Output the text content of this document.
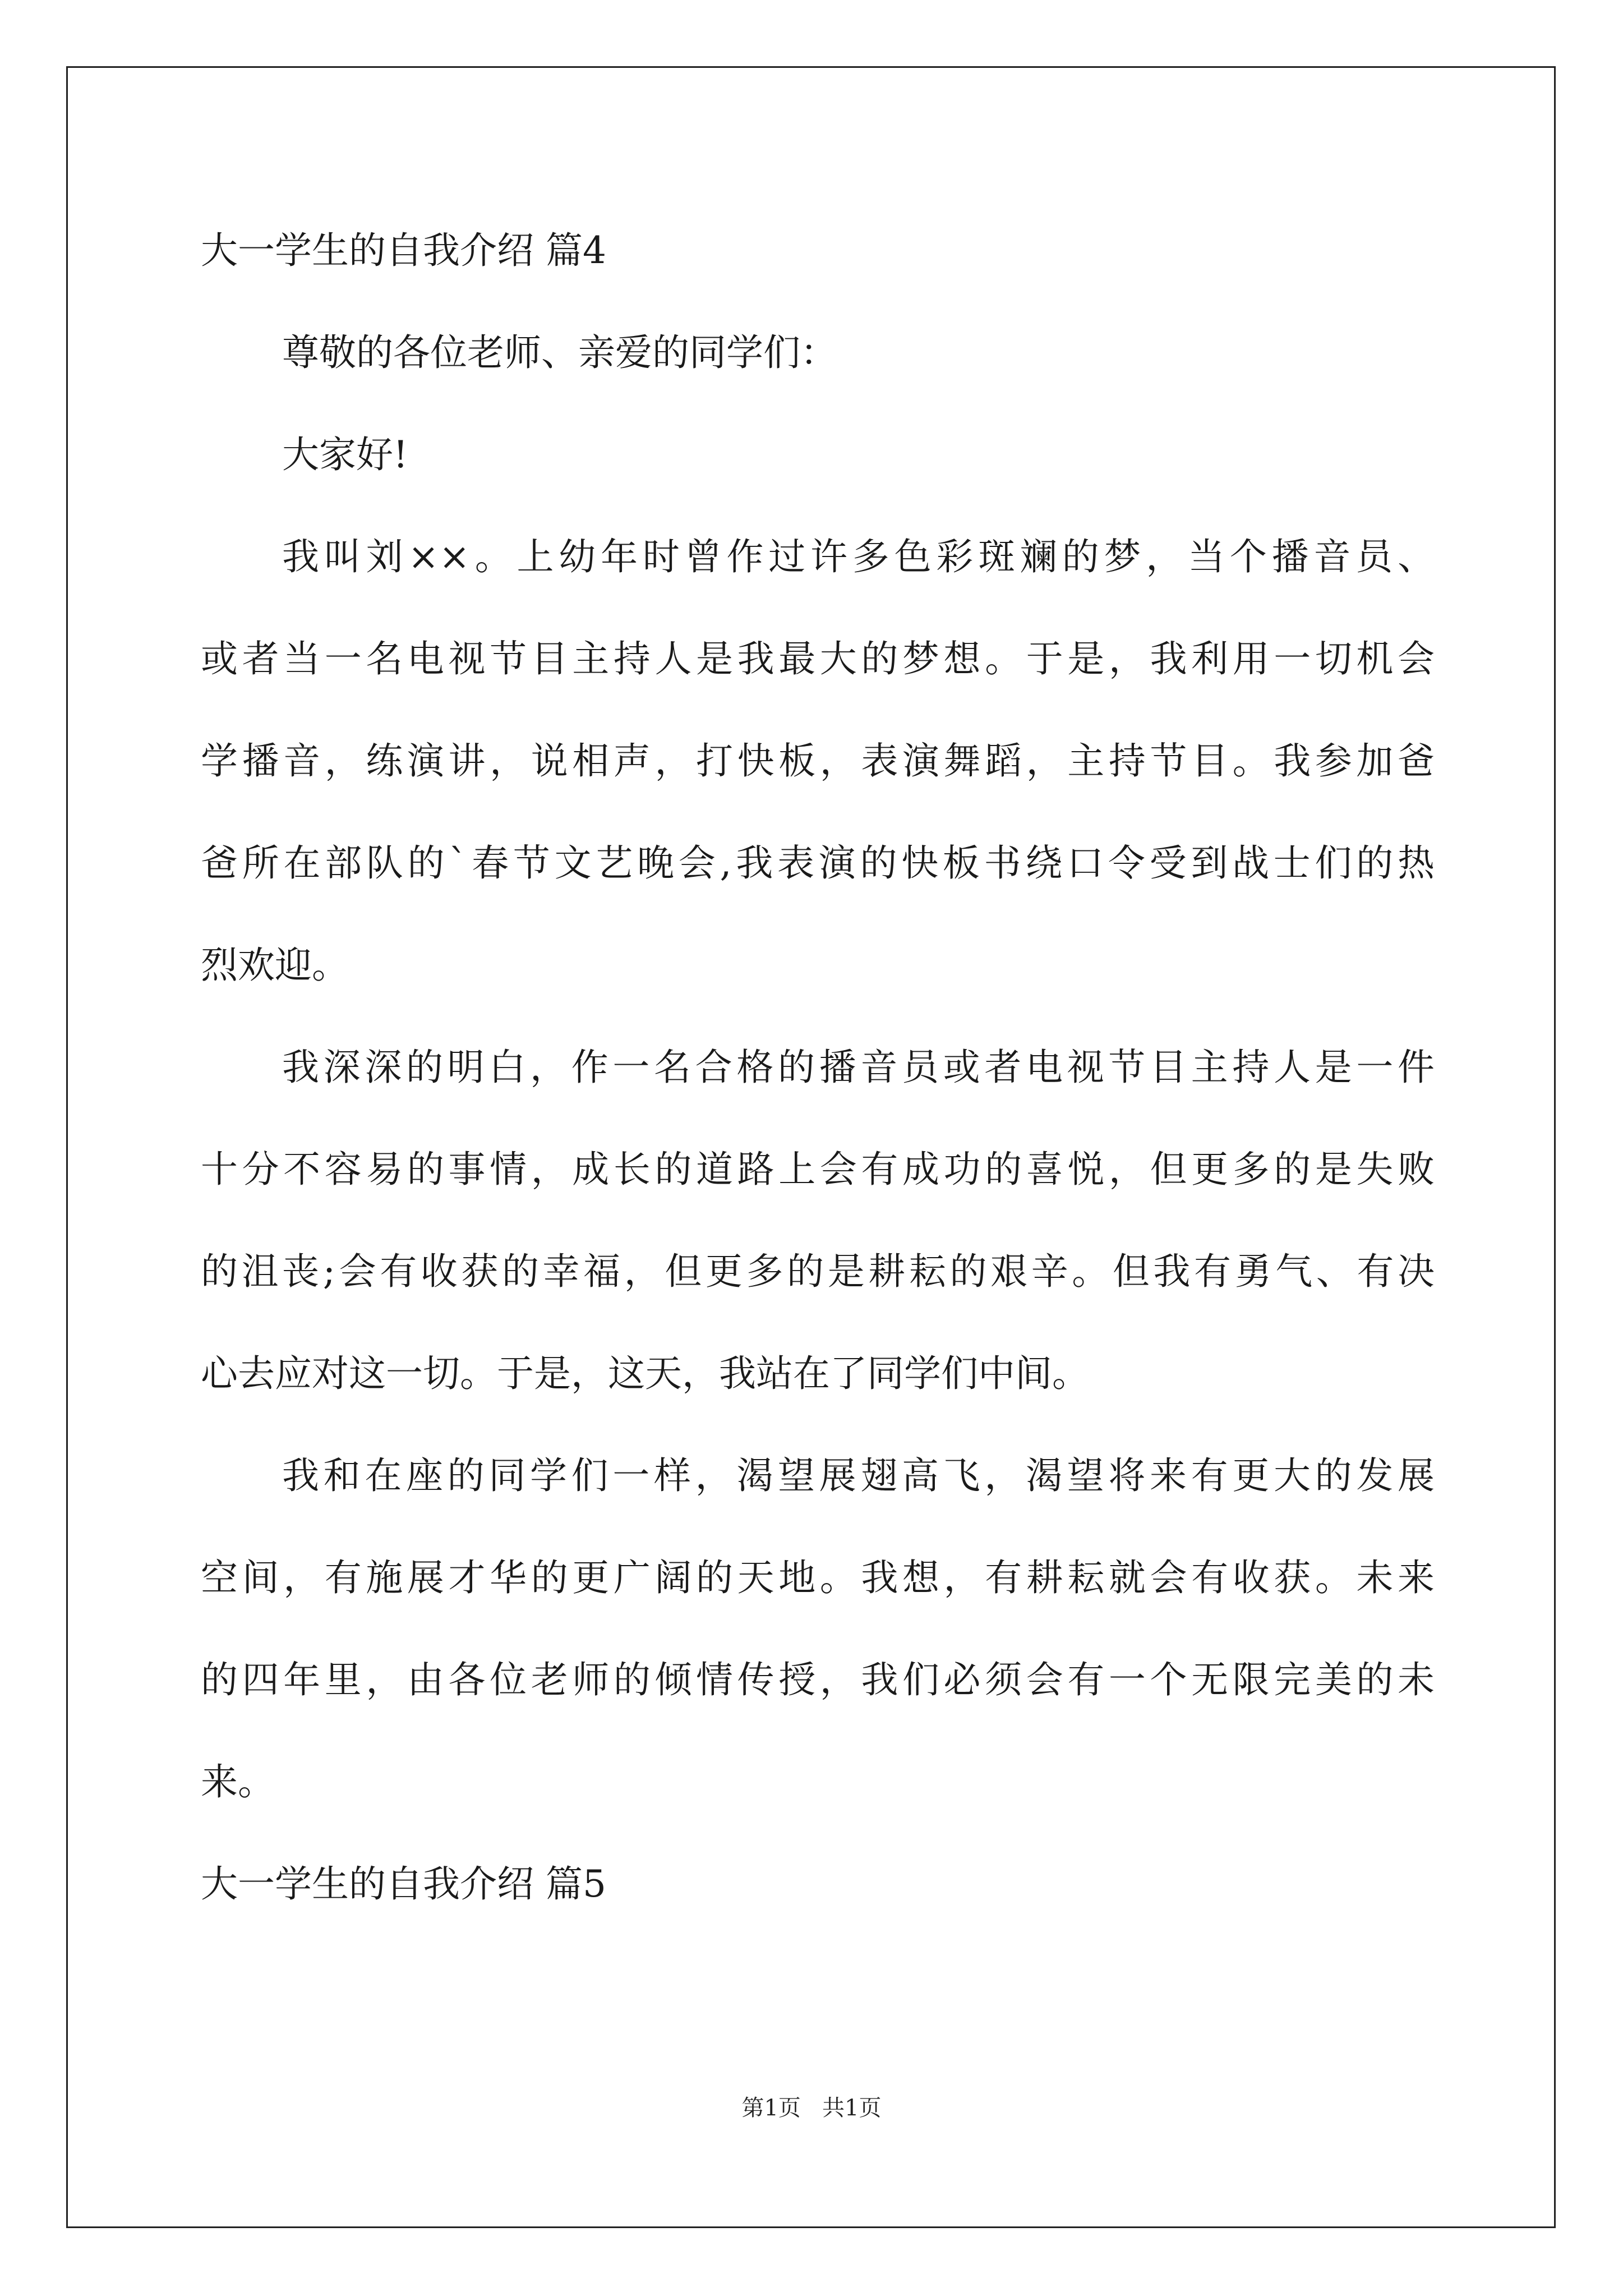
大一学生的自我介绍 篇4
尊敬的各位老师、亲爱的同学们：
大家好!
我叫刘××。上幼年时曾作过许多色彩斑斓的梦，当个播音员、
或者当一名电视节目主持人是我最大的梦想。于是，我利用一切机会
学播音，练演讲，说相声，打快板，表演舞蹈，主持节目。我参加爸
爸所在部队的`春节文艺晚会,我表演的快板书绕口令受到战士们的热
烈欢迎。
我深深的明白，作一名合格的播音员或者电视节目主持人是一件
十分不容易的事情，成长的道路上会有成功的喜悦，但更多的是失败
的沮丧;会有收获的幸福，但更多的是耕耘的艰辛。但我有勇气、有决
心去应对这一切。于是，这天，我站在了同学们中间。
我和在座的同学们一样，渴望展翅高飞，渴望将来有更大的发展
空间，有施展才华的更广阔的天地。我想，有耕耘就会有收获。未来
的四年里，由各位老师的倾情传授，我们必须会有一个无限完美的未
来。
大一学生的自我介绍 篇5
第1页   共1页
